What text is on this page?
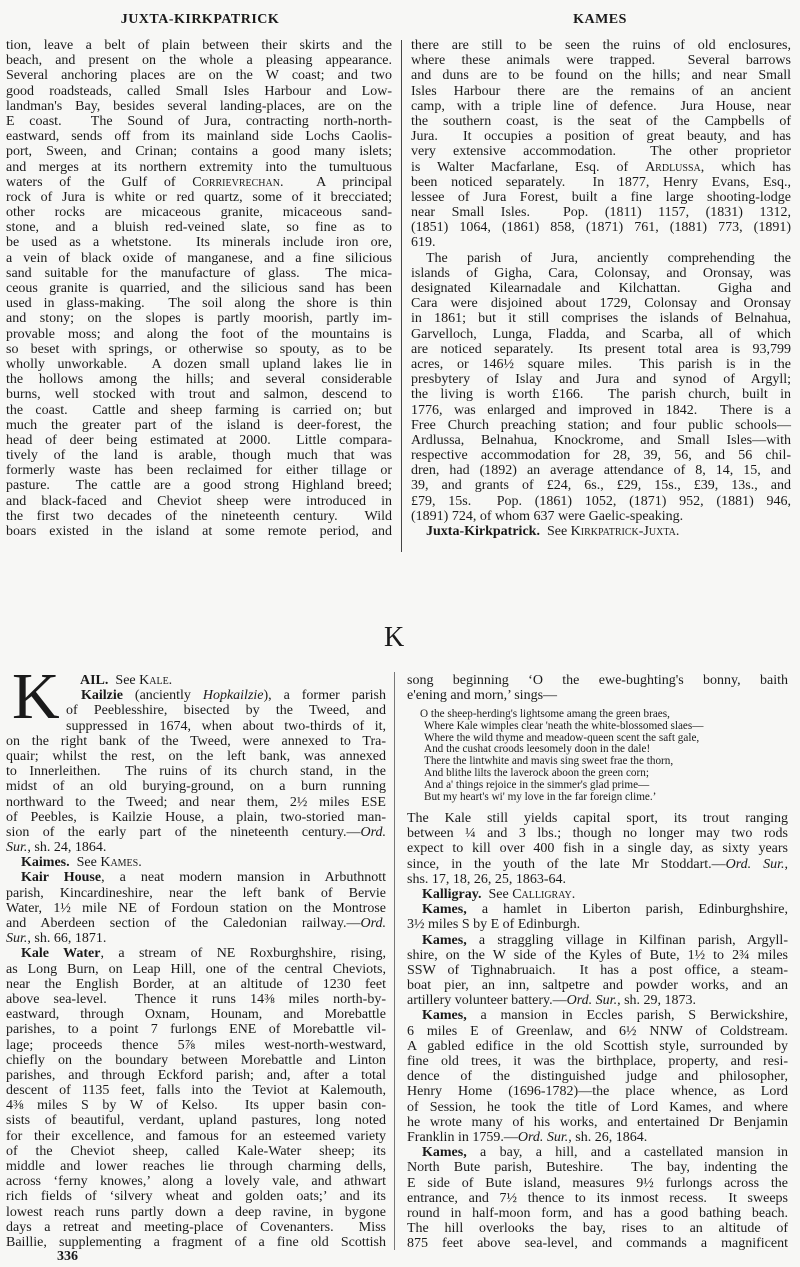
JUXTA-KIRKPATRICK	KAMES
tion, leave a belt of plain between their skirts and the
beach, and present on the whole a pleasing appearance.
Several anchoring places are on the W coast; and two
good roadsteads, called Small Isles Harbour and Low-
landman's Bay, besides several landing-places, are on the
E coast.  The Sound of Jura, contracting north-north-
eastward, sends off from its mainland side Lochs Caolis-
port, Sween, and Crinan; contains a good many islets;
and merges at its northern extremity into the tumultuous
waters of the Gulf of Corrievrechan.  A principal
rock of Jura is white or red quartz, some of it brecciated;
other rocks are micaceous granite, micaceous sand-
stone, and a bluish red-veined slate, so fine as to
be used as a whetstone.  Its minerals include iron ore,
a vein of black oxide of manganese, and a fine silicious
sand suitable for the manufacture of glass.  The mica-
ceous granite is quarried, and the silicious sand has been
used in glass-making.  The soil along the shore is thin
and stony; on the slopes is partly moorish, partly im-
provable moss; and along the foot of the mountains is
so beset with springs, or otherwise so spouty, as to be
wholly unworkable.  A dozen small upland lakes lie in
the hollows among the hills; and several considerable
burns, well stocked with trout and salmon, descend to
the coast.  Cattle and sheep farming is carried on; but
much the greater part of the island is deer-forest, the
head of deer being estimated at 2000.  Little compara-
tively of the land is arable, though much that was
formerly waste has been reclaimed for either tillage or
pasture.  The cattle are a good strong Highland breed;
and black-faced and Cheviot sheep were introduced in
the first two decades of the nineteenth century.  Wild
boars existed in the island at some remote period, and
there are still to be seen the ruins of old enclosures,
where these animals were trapped.  Several barrows
and duns are to be found on the hills; and near Small
Isles Harbour there are the remains of an ancient
camp, with a triple line of defence.  Jura House, near
the southern coast, is the seat of the Campbells of
Jura.  It occupies a position of great beauty, and has
very extensive accommodation.  The other proprietor
is Walter Macfarlane, Esq. of Ardlussa, which has
been noticed separately.  In 1877, Henry Evans, Esq.,
lessee of Jura Forest, built a fine large shooting-lodge
near Small Isles.  Pop. (1811) 1157, (1831) 1312,
(1851) 1064, (1861) 858, (1871) 761, (1881) 773, (1891)
619.
The parish of Jura, anciently comprehending the
islands of Gigha, Cara, Colonsay, and Oronsay, was
designated Kilearnadale and Kilchattan.  Gigha and
Cara were disjoined about 1729, Colonsay and Oronsay
in 1861; but it still comprises the islands of Belnahua,
Garvelloch, Lunga, Fladda, and Scarba, all of which
are noticed separately.  Its present total area is 93,799
acres, or 146½ square miles.  This parish is in the
presbytery of Islay and Jura and synod of Argyll;
the living is worth £166.  The parish church, built in
1776, was enlarged and improved in 1842.  There is a
Free Church preaching station; and four public schools—
Ardlussa, Belnahua, Knockrome, and Small Isles—with
respective accommodation for 28, 39, 56, and 56 chil-
dren, had (1892) an average attendance of 8, 14, 15, and
39, and grants of £24, 6s., £29, 15s., £39, 13s., and
£79, 15s.  Pop. (1861) 1052, (1871) 952, (1881) 946,
(1891) 724, of whom 637 were Gaelic-speaking.
Juxta-Kirkpatrick.  See Kirkpatrick-Juxta.
K
K	AIL.  See Kale.
Kailzie (anciently Hopkailzie), a former parish
of Peeblesshire, bisected by the Tweed, and
suppressed in 1674, when about two-thirds of it,
on the right bank of the Tweed, were annexed to Tra-
quair; whilst the rest, on the left bank, was annexed
to Innerleithen.  The ruins of its church stand, in the
midst of an old burying-ground, on a burn running
northward to the Tweed; and near them, 2½ miles ESE
of Peebles, is Kailzie House, a plain, two-storied man-
sion of the early part of the nineteenth century.—Ord.
Sur., sh. 24, 1864.
Kaimes.  See Kames.
Kair House, a neat modern mansion in Arbuthnott
parish, Kincardineshire, near the left bank of Bervie
Water, 1½ mile NE of Fordoun station on the Montrose
and Aberdeen section of the Caledonian railway.—Ord.
Sur., sh. 66, 1871.
Kale Water, a stream of NE Roxburghshire, rising,
as Long Burn, on Leap Hill, one of the central Cheviots,
near the English Border, at an altitude of 1230 feet
above sea-level.  Thence it runs 14⅜ miles north-by-
eastward, through Oxnam, Hounam, and Morebattle
parishes, to a point 7 furlongs ENE of Morebattle vil-
lage; proceeds thence 5⅞ miles west-north-westward,
chiefly on the boundary between Morebattle and Linton
parishes, and through Eckford parish; and, after a total
descent of 1135 feet, falls into the Teviot at Kalemouth,
4⅜ miles S by W of Kelso.  Its upper basin con-
sists of beautiful, verdant, upland pastures, long noted
for their excellence, and famous for an esteemed variety
of the Cheviot sheep, called Kale-Water sheep; its
middle and lower reaches lie through charming dells,
across ‘ferny knowes,’ along a lovely vale, and athwart
rich fields of ‘silvery wheat and golden oats;’ and its
lowest reach runs partly down a deep ravine, in bygone
days a retreat and meeting-place of Covenanters.  Miss
Baillie, supplementing a fragment of a fine old Scottish
song beginning ‘O the ewe-bughting's bonny, baith
e'ening and morn,’ sings—
O the sheep-herding's lightsome amang the green braes,
Where Kale wimples clear 'neath the white-blossomed slaes—
Where the wild thyme and meadow-queen scent the saft gale,
And the cushat croods leesomely doon in the dale!
There the lintwhite and mavis sing sweet frae the thorn,
And blithe lilts the laverock aboon the green corn;
And a' things rejoice in the simmer's glad prime—
But my heart's wi' my love in the far foreign clime.’
The Kale still yields capital sport, its trout ranging
between ¼ and 3 lbs.; though no longer may two rods
expect to kill over 400 fish in a single day, as sixty years
since, in the youth of the late Mr Stoddart.—Ord. Sur.,
shs. 17, 18, 26, 25, 1863-64.
Kalligray.  See Calligray.
Kames, a hamlet in Liberton parish, Edinburghshire,
3½ miles S by E of Edinburgh.
Kames, a straggling village in Kilfinan parish, Argyll-
shire, on the W side of the Kyles of Bute, 1½ to 2¾ miles
SSW of Tighnabruaich.  It has a post office, a steam-
boat pier, an inn, saltpetre and powder works, and an
artillery volunteer battery.—Ord. Sur., sh. 29, 1873.
Kames, a mansion in Eccles parish, S Berwickshire,
6 miles E of Greenlaw, and 6½ NNW of Coldstream.
A gabled edifice in the old Scottish style, surrounded by
fine old trees, it was the birthplace, property, and resi-
dence of the distinguished judge and philosopher,
Henry Home (1696-1782)—the place whence, as Lord
of Session, he took the title of Lord Kames, and where
he wrote many of his works, and entertained Dr Benjamin
Franklin in 1759.—Ord. Sur., sh. 26, 1864.
Kames, a bay, a hill, and a castellated mansion in
North Bute parish, Buteshire.  The bay, indenting the
E side of Bute island, measures 9½ furlongs across the
entrance, and 7½ thence to its inmost recess.  It sweeps
round in half-moon form, and has a good bathing beach.
The hill overlooks the bay, rises to an altitude of
875 feet above sea-level, and commands a magnificent
336
